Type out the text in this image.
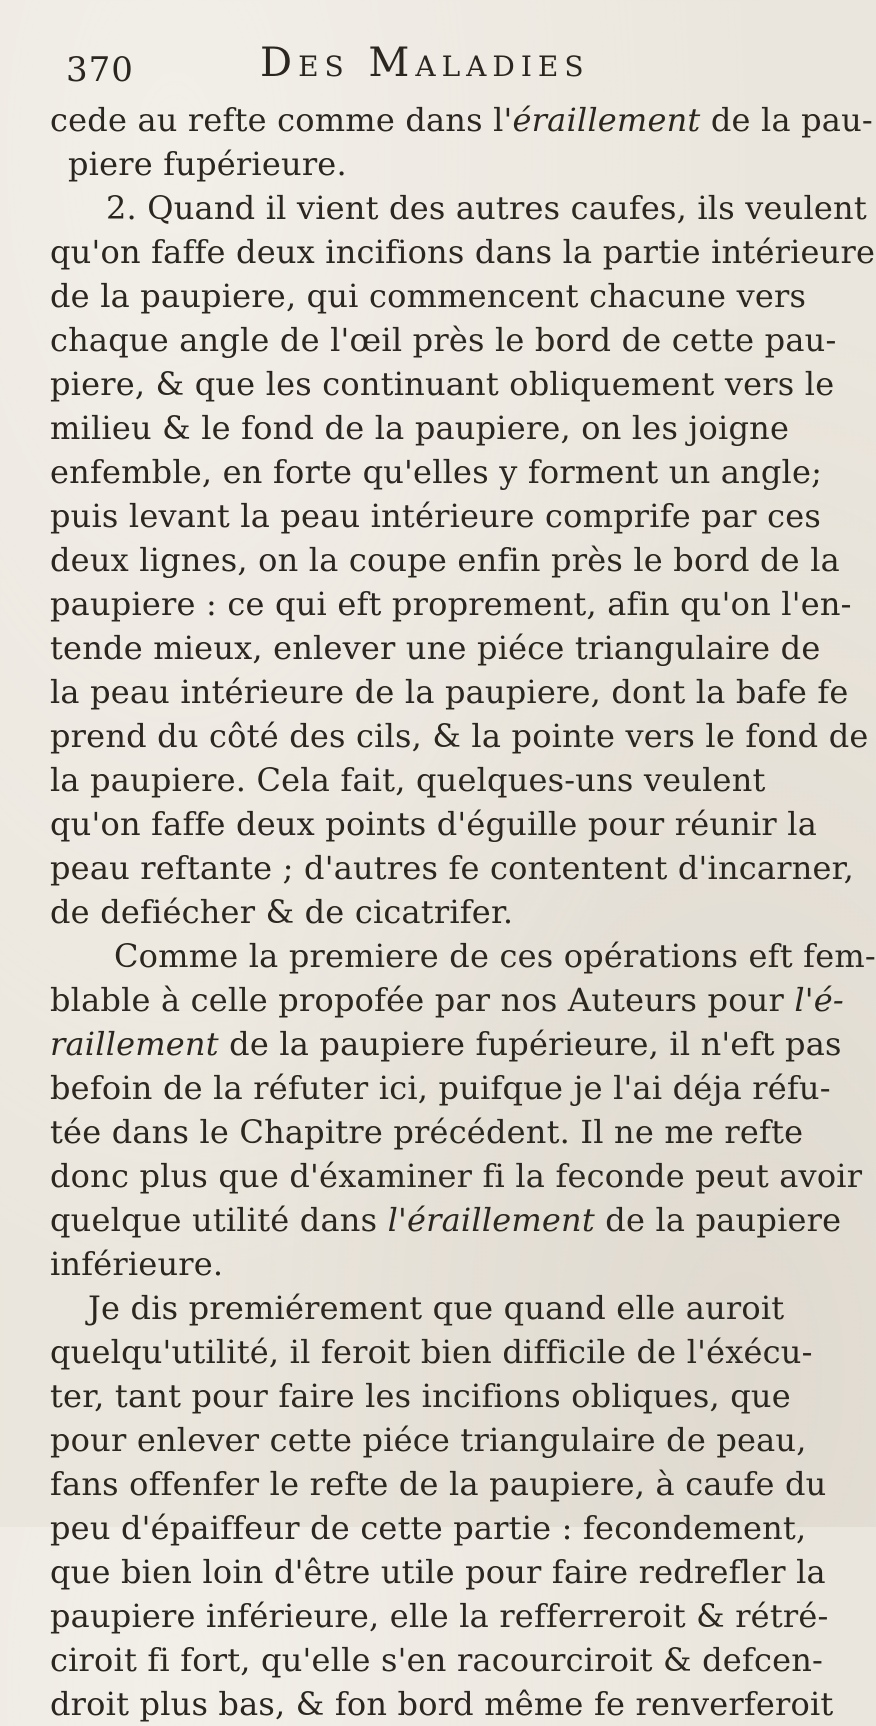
370	Des Maladies
cede au refte comme dans l'éraillement de la pau-
piere fupérieure.
2. Quand il vient des autres caufes, ils veulent
qu'on faffe deux incifions dans la partie intérieure
de la paupiere, qui commencent chacune vers
chaque angle de l'œil près le bord de cette pau-
piere, & que les continuant obliquement vers le
milieu & le fond de la paupiere, on les joigne
enfemble, en forte qu'elles y forment un angle;
puis levant la peau intérieure comprife par ces
deux lignes, on la coupe enfin près le bord de la
paupiere : ce qui eft proprement, afin qu'on l'en-
tende mieux, enlever une piéce triangulaire de
la peau intérieure de la paupiere, dont la bafe fe
prend du côté des cils, & la pointe vers le fond de
la paupiere. Cela fait, quelques-uns veulent
qu'on faffe deux points d'éguille pour réunir la
peau reftante ; d'autres fe contentent d'incarner,
de defiécher & de cicatrifer.
Comme la premiere de ces opérations eft fem-
blable à celle propofée par nos Auteurs pour l'é-
raillement de la paupiere fupérieure, il n'eft pas
befoin de la réfuter ici, puifque je l'ai déja réfu-
tée dans le Chapitre précédent. Il ne me refte
donc plus que d'éxaminer fi la feconde peut avoir
quelque utilité dans l'éraillement de la paupiere
inférieure.
Je dis premiérement que quand elle auroit
quelqu'utilité, il feroit bien difficile de l'éxécu-
ter, tant pour faire les incifions obliques, que
pour enlever cette piéce triangulaire de peau,
fans offenfer le refte de la paupiere, à caufe du
peu d'épaiffeur de cette partie : fecondement,
que bien loin d'être utile pour faire redrefler la
paupiere inférieure, elle la refferreroit & rétré-
ciroit fi fort, qu'elle s'en racourciroit & defcen-
droit plus bas, & fon bord même fe renverferoit
